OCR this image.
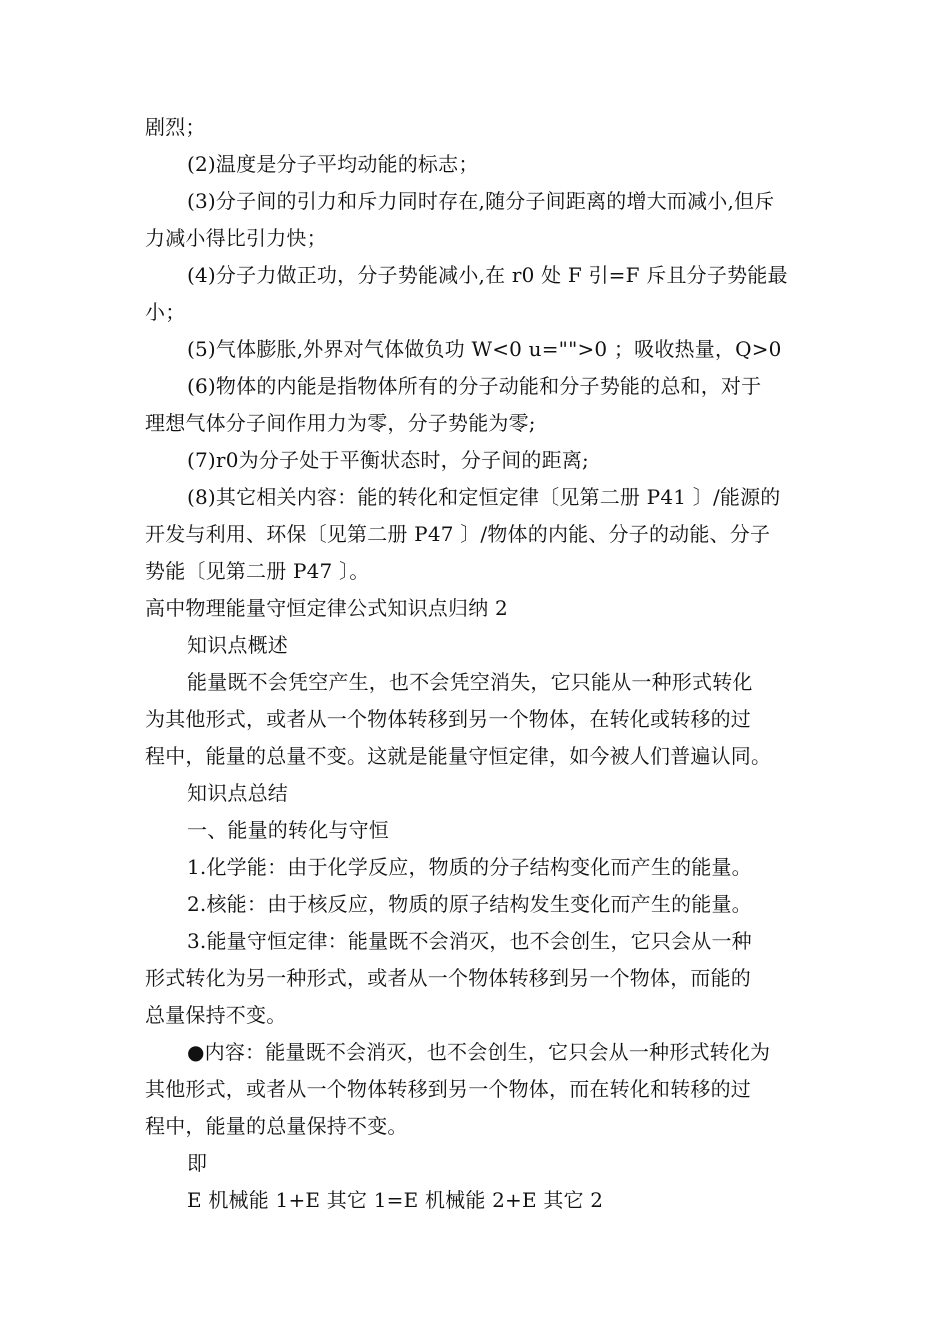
剧烈；
(2)温度是分子平均动能的标志；
(3)分子间的引力和斥力同时存在,随分子间距离的增大而减小,但斥
力减小得比引力快；
(4)分子力做正功，分子势能减小,在 r0 处 F 引=F 斥且分子势能最
小；
(5)气体膨胀,外界对气体做负功 W<0 u="">0 ；吸收热量，Q>0
(6)物体的内能是指物体所有的分子动能和分子势能的总和，对于
理想气体分子间作用力为零，分子势能为零;
(7)r0为分子处于平衡状态时，分子间的距离;
(8)其它相关内容：能的转化和定恒定律〔见第二册 P41 〕/能源的
开发与利用、环保〔见第二册 P47 〕/物体的内能、分子的动能、分子
势能〔见第二册 P47 〕。
高中物理能量守恒定律公式知识点归纳 2
知识点概述
能量既不会凭空产生，也不会凭空消失，它只能从一种形式转化
为其他形式，或者从一个物体转移到另一个物体，在转化或转移的过
程中，能量的总量不变。这就是能量守恒定律，如今被人们普遍认同。
知识点总结
一、能量的转化与守恒
1.化学能：由于化学反应，物质的分子结构变化而产生的能量。
2.核能：由于核反应，物质的原子结构发生变化而产生的能量。
3.能量守恒定律：能量既不会消灭，也不会创生，它只会从一种
形式转化为另一种形式，或者从一个物体转移到另一个物体，而能的
总量保持不变。
●内容：能量既不会消灭，也不会创生，它只会从一种形式转化为
其他形式，或者从一个物体转移到另一个物体，而在转化和转移的过
程中，能量的总量保持不变。
即
E 机械能 1+E 其它 1=E 机械能 2+E 其它 2
